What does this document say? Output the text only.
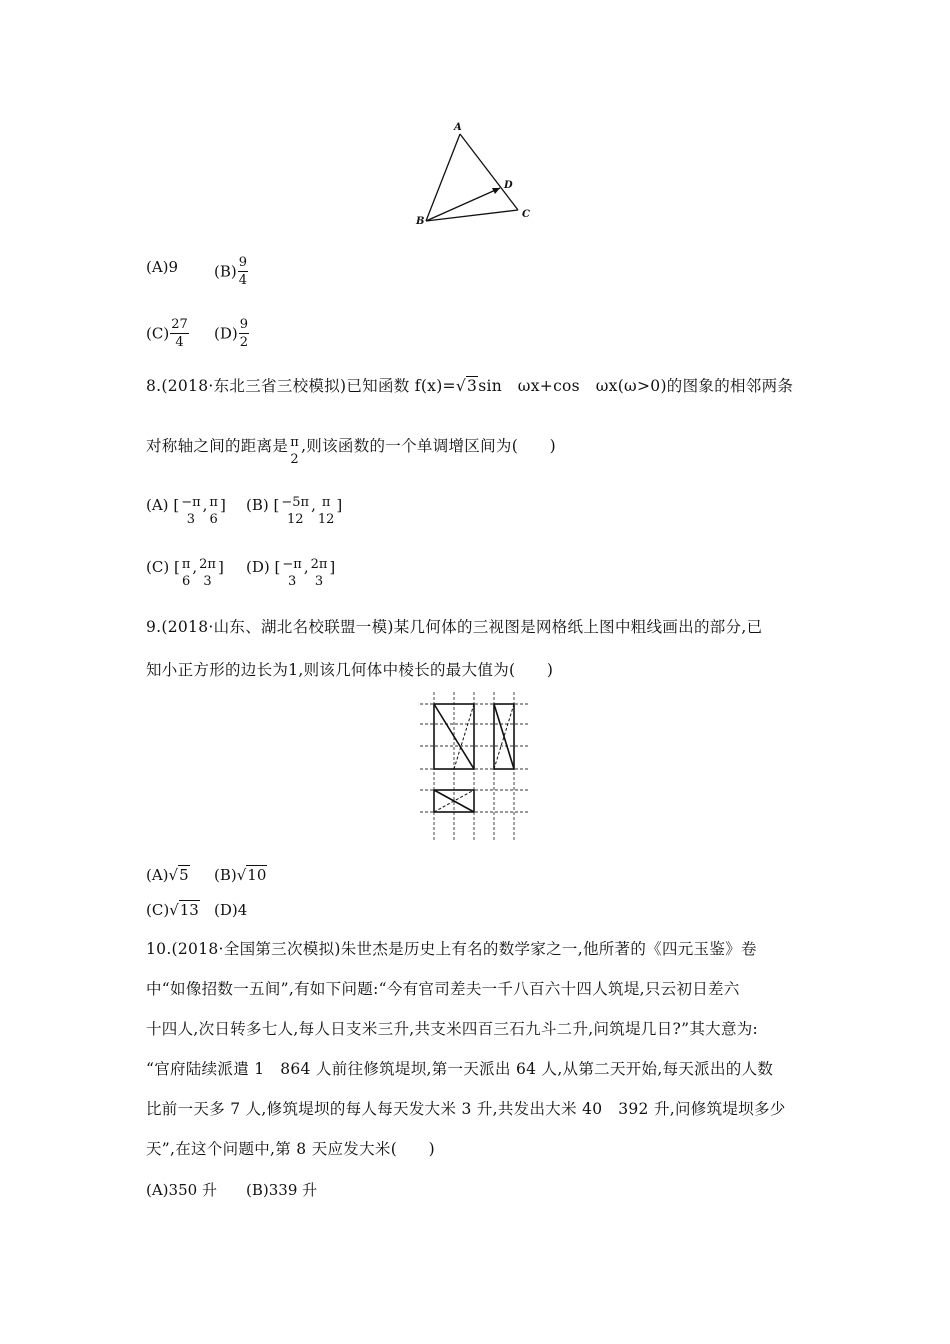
A
B
C
D
(A)9 $(B) \frac{9}{4}$
$(C) \frac{27}{4} (D) \frac{9}{2}$
8.(2018·东北三省三校模拟)已知函数 f(x)=√3sin　ωx+cos　ωx(ω>0)的图象的相邻两条
对称轴之间的距离是 π
2
,则该函数的一个单调增区间为(　　)
(A) [ −π
3
, π
6
] (B) [ −5π
12
, π
12
]
(C) [ π
6
, 2π
3
] (D) [ −π
3
, 2π
3
]
9.(2018·山东、湖北名校联盟一模)某几何体的三视图是网格纸上图中粗线画出的部分,已
知小正方形的边长为1,则该几何体中棱长的最大值为(　　)
(A)√5 (B)√10
(C)√13 (D)4
10.(2018·全国第三次模拟)朱世杰是历史上有名的数学家之一,他所著的《四元玉鉴》卷
中“如像招数一五间”,有如下问题:“今有官司差夫一千八百六十四人筑堤,只云初日差六
十四人,次日转多七人,每人日支米三升,共支米四百三石九斗二升,问筑堤几日?”其大意为:
“官府陆续派遣 1　864 人前往修筑堤坝,第一天派出 64 人,从第二天开始,每天派出的人数
比前一天多 7 人,修筑堤坝的每人每天发大米 3 升,共发出大米 40　392 升,问修筑堤坝多少
天”,在这个问题中,第 8 天应发大米(　　)
(A)350 升 (B)339 升
